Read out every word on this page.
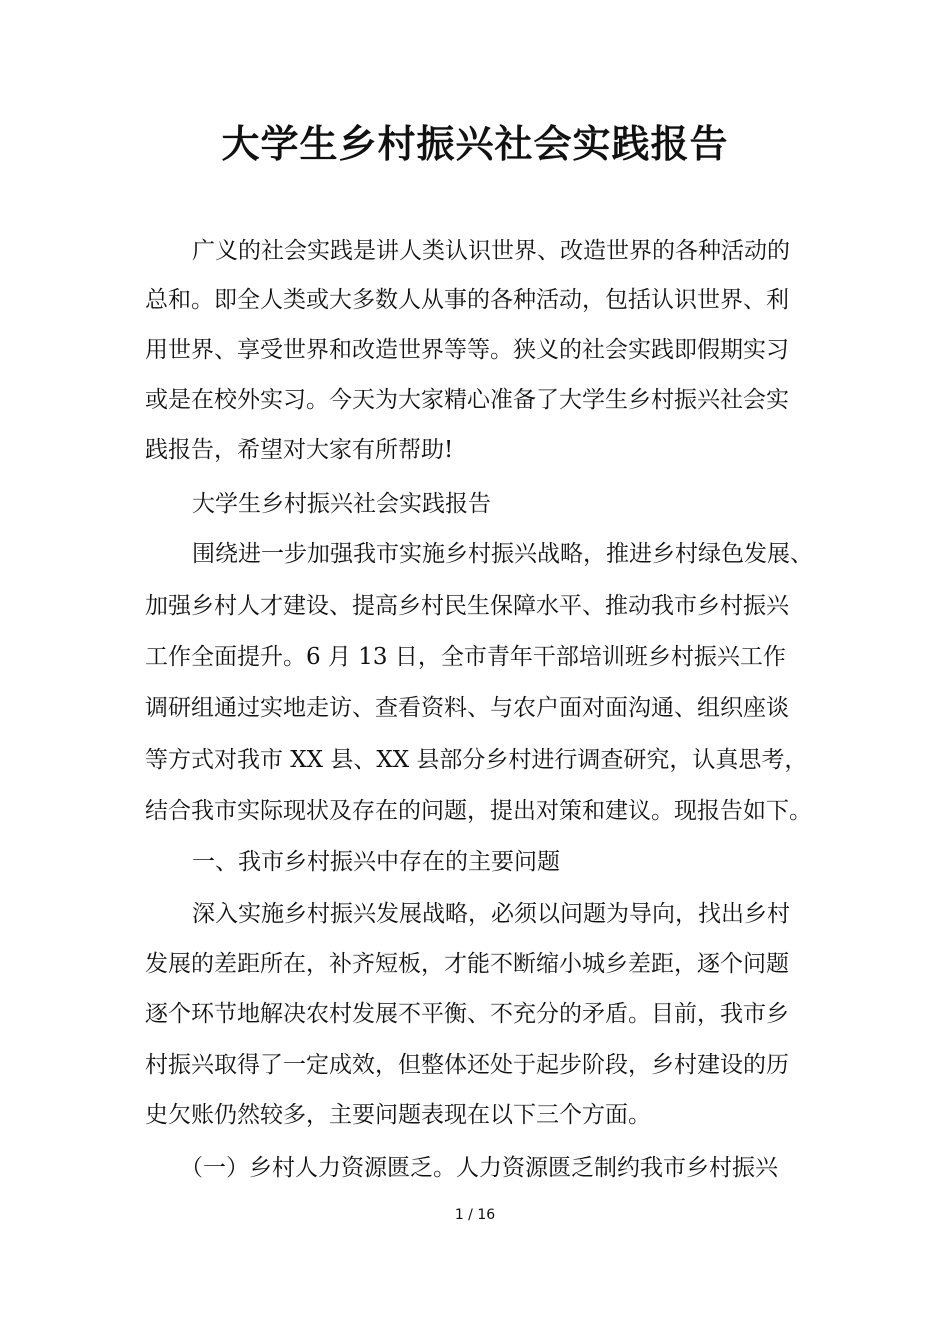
大学生乡村振兴社会实践报告

广义的社会实践是讲人类认识世界、改造世界的各种活动的

总和。即全人类或大多数人从事的各种活动，包括认识世界、利

用世界、享受世界和改造世界等等。狭义的社会实践即假期实习

或是在校外实习。今天为大家精心准备了大学生乡村振兴社会实

践报告，希望对大家有所帮助!

大学生乡村振兴社会实践报告

围绕进一步加强我市实施乡村振兴战略，推进乡村绿色发展、

加强乡村人才建设、提高乡村民生保障水平、推动我市乡村振兴

工作全面提升。6 月 13 日，全市青年干部培训班乡村振兴工作

调研组通过实地走访、查看资料、与农户面对面沟通、组织座谈

等方式对我市 XX 县、XX 县部分乡村进行调查研究，认真思考，

结合我市实际现状及存在的问题，提出对策和建议。现报告如下。

一、我市乡村振兴中存在的主要问题

深入实施乡村振兴发展战略，必须以问题为导向，找出乡村

发展的差距所在，补齐短板，才能不断缩小城乡差距，逐个问题

逐个环节地解决农村发展不平衡、不充分的矛盾。目前，我市乡

村振兴取得了一定成效，但整体还处于起步阶段，乡村建设的历

史欠账仍然较多，主要问题表现在以下三个方面。

（一）乡村人力资源匮乏。人力资源匮乏制约我市乡村振兴

1 / 16
